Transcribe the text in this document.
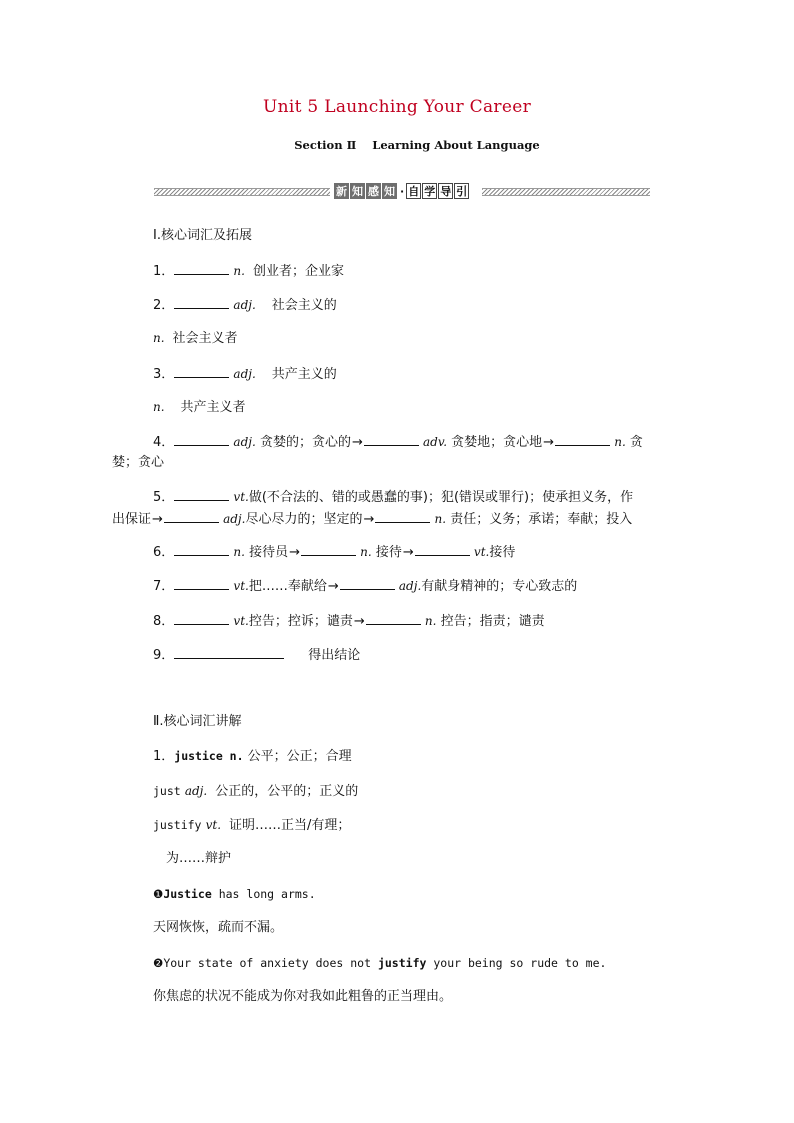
Unit 5 Launching Your Career
Section Ⅱ Learning About Language
新 知 感 知 · 自 学 导 引
Ⅰ.核心词汇及拓展
1．	n. 创业者；企业家
2．	adj. 社会主义的
n. 社会主义者
3．	adj. 共产主义的
n. 共产主义者
4．	adj. 贪婪的；贪心的→	adv. 贪婪地；贪心地→	n. 贪
婪；贪心
5．	vt.做(不合法的、错的或愚蠢的事)；犯(错误或罪行)；使承担义务，作
出保证→	adj.尽心尽力的；坚定的→	n. 责任；义务；承诺；奉献；投入
6．	n. 接待员→	n. 接待→	vt.接待
7．	vt.把……奉献给→	adj.有献身精神的；专心致志的
8．	vt.控告；控诉；谴责→	n. 控告；指责；谴责
9．	得出结论
Ⅱ.核心词汇讲解
1．justice n. 公平；公正；合理
just adj. 公正的，公平的；正义的
justify vt. 证明……正当/有理；
为……辩护
❶Justice has long arms.
天网恢恢，疏而不漏。
❷Your state of anxiety does not justify your being so rude to me.
你焦虑的状况不能成为你对我如此粗鲁的正当理由。
